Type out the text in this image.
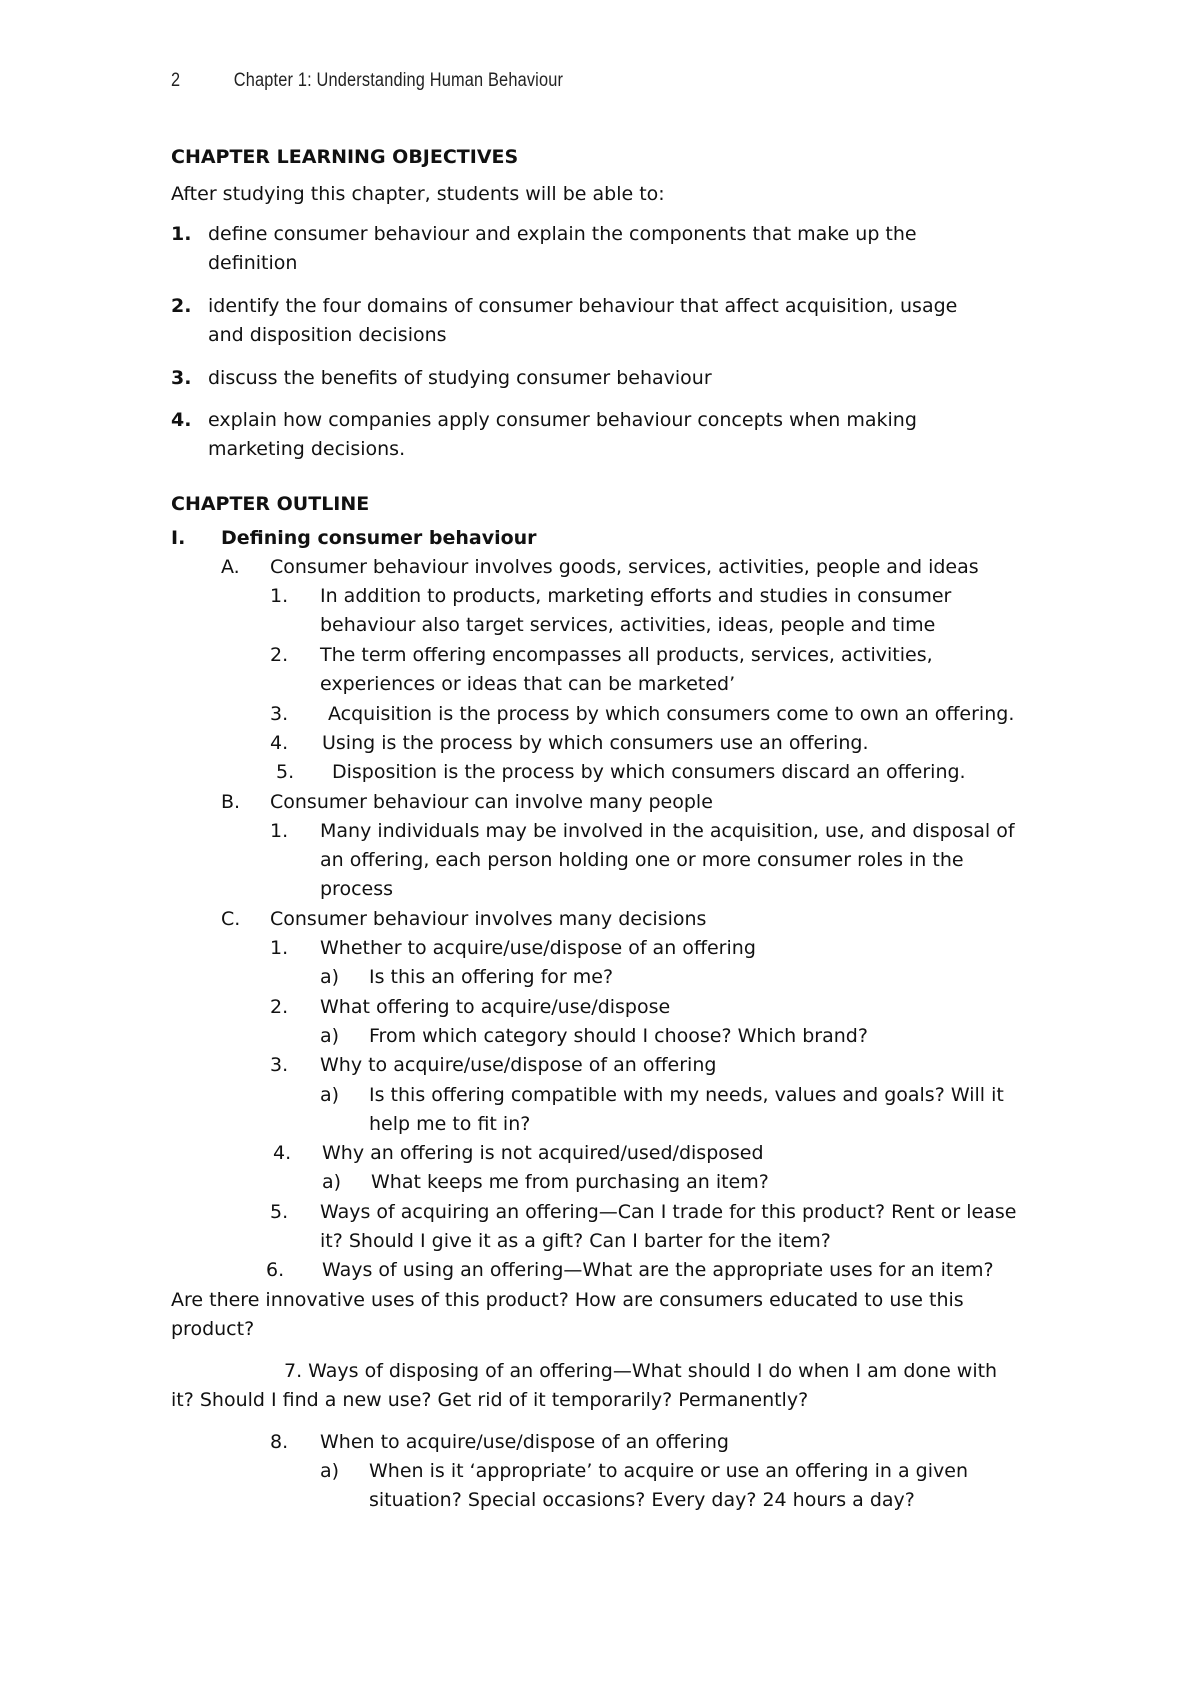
2	Chapter 1: Understanding Human Behaviour
CHAPTER LEARNING OBJECTIVES
After studying this chapter, students will be able to:
1. define consumer behaviour and explain the components that make up the
definition
2. identify the four domains of consumer behaviour that affect acquisition, usage
and disposition decisions
3. discuss the benefits of studying consumer behaviour
4. explain how companies apply consumer behaviour concepts when making
marketing decisions.
CHAPTER OUTLINE
I. Defining consumer behaviour
A. Consumer behaviour involves goods, services, activities, people and ideas
1. In addition to products, marketing efforts and studies in consumer
behaviour also target services, activities, ideas, people and time
2. The term offering encompasses all products, services, activities,
experiences or ideas that can be marketed’
3. Acquisition is the process by which consumers come to own an offering.
4. Using is the process by which consumers use an offering.
5. Disposition is the process by which consumers discard an offering.
B. Consumer behaviour can involve many people
1. Many individuals may be involved in the acquisition, use, and disposal of
an offering, each person holding one or more consumer roles in the
process
C. Consumer behaviour involves many decisions
1. Whether to acquire/use/dispose of an offering
a) Is this an offering for me?
2. What offering to acquire/use/dispose
a) From which category should I choose? Which brand?
3. Why to acquire/use/dispose of an offering
a) Is this offering compatible with my needs, values and goals? Will it
help me to fit in?
4. Why an offering is not acquired/used/disposed
a) What keeps me from purchasing an item?
5. Ways of acquiring an offering—Can I trade for this product? Rent or lease
it? Should I give it as a gift? Can I barter for the item?
6. Ways of using an offering—What are the appropriate uses for an item?
Are there innovative uses of this product? How are consumers educated to use this
product?
7. Ways of disposing of an offering—What should I do when I am done with
it? Should I find a new use? Get rid of it temporarily? Permanently?
8. When to acquire/use/dispose of an offering
a) When is it ‘appropriate’ to acquire or use an offering in a given
situation? Special occasions? Every day? 24 hours a day?
